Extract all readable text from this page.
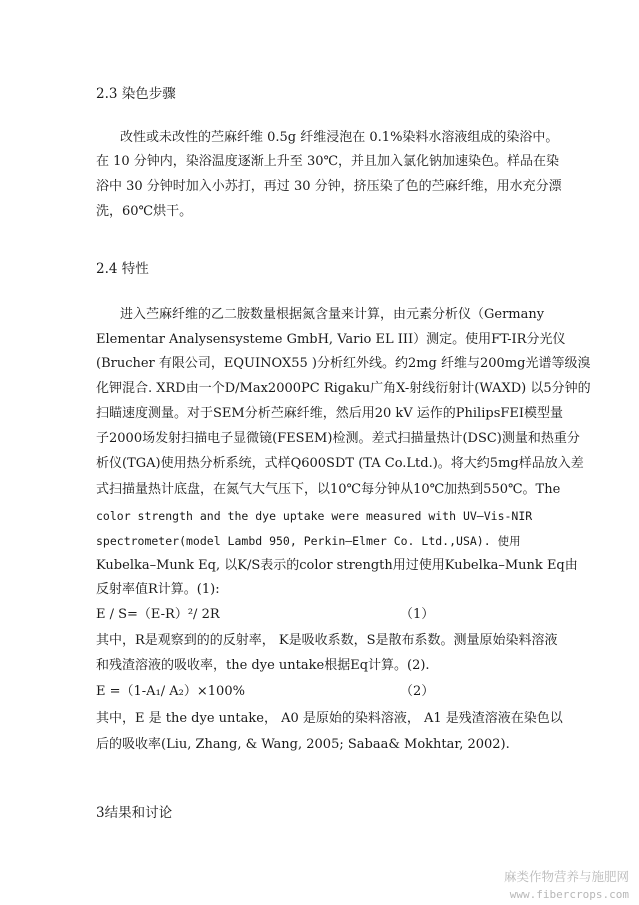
2.3 染色步骤
改性或未改性的苎麻纤维 0.5g 纤维浸泡在 0.1%染料水溶液组成的染浴中。
在 10 分钟内，染浴温度逐渐上升至 30℃，并且加入氯化钠加速染色。样品在染
浴中 30 分钟时加入小苏打，再过 30 分钟，挤压染了色的苎麻纤维，用水充分漂
洗，60℃烘干。
2.4 特性
进入苎麻纤维的乙二胺数量根据氮含量来计算，由元素分析仪（Germany
Elementar Analysensysteme GmbH, Vario EL III）测定。使用FT-IR分光仪
(Brucher 有限公司，EQUINOX55 )分析红外线。约2mg 纤维与200mg光谱等级溴
化钾混合. XRD由一个D/Max2000PC Rigaku广角X-射线衍射计(WAXD) 以5分钟的
扫瞄速度测量。对于SEM分析苎麻纤维，然后用20 kV 运作的PhilipsFEI模型量
子2000场发射扫描电子显微镜(FESEM)检测。差式扫描量热计(DSC)测量和热重分
析仪(TGA)使用热分析系统，式样Q600SDT (TA Co.Ltd.)。将大约5mg样品放入差
式扫描量热计底盘，在氮气大气压下，以10℃每分钟从10℃加热到550℃。The
color strength and the dye uptake were measured with UV–Vis-NIR
spectrometer(model Lambd 950, Perkin–Elmer Co. Ltd.,USA). 使用
Kubelka–Munk Eq, 以K/S表示的color strength用过使用Kubelka–Munk Eq由
反射率值R计算。(1):
E / S=（E-R）²/ 2R	（1）
其中，R是观察到的的反射率， K是吸收系数，S是散布系数。测量原始染料溶液
和残渣溶液的吸收率，the dye untake根据Eq计算。(2).
E =（1-A₁/ A₂）×100%	（2）
其中，E 是 the dye untake， A0 是原始的染料溶液， A1 是残渣溶液在染色以
后的吸收率(Liu, Zhang, & Wang, 2005; Sabaa& Mokhtar, 2002).
3结果和讨论
麻类作物营养与施肥网
www.fibercrops.com
